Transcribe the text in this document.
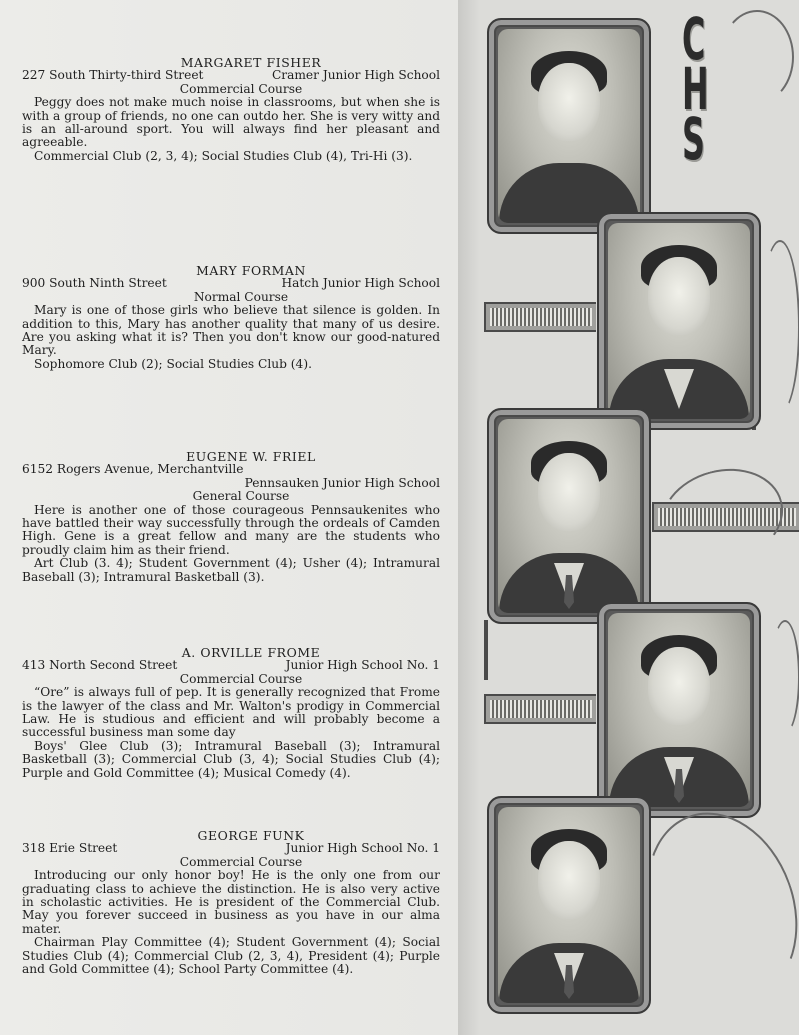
MARGARET FISHER
227 South Thirty-third Street	Cramer Junior High School
Commercial Course
Peggy does not make much noise in classrooms, but when she is with a group of friends, no one can outdo her. She is very witty and is an all-around sport. You will always find her pleasant and agreeable.
Commercial Club (2, 3, 4); Social Studies Club (4), Tri-Hi (3).
MARY FORMAN
900 South Ninth Street	Hatch Junior High School
Normal Course
Mary is one of those girls who believe that silence is golden. In addition to this, Mary has another quality that many of us desire. Are you asking what it is? Then you don't know our good-natured Mary.
Sophomore Club (2); Social Studies Club (4).
EUGENE W. FRIEL
6152 Rogers Avenue, Merchantville
Pennsauken Junior High School
General Course
Here is another one of those courageous Pennsaukenites who have battled their way successfully through the ordeals of Camden High. Gene is a great fellow and many are the students who proudly claim him as their friend.
Art Club (3. 4); Student Government (4); Usher (4); Intramural Baseball (3); Intramural Basketball (3).
A. ORVILLE FROME
413 North Second Street	Junior High School No. 1
Commercial Course
“Ore” is always full of pep. It is generally recognized that Frome is the lawyer of the class and Mr. Walton's prodigy in Commercial Law. He is studious and efficient and will probably become a successful business man some day
Boys' Glee Club (3); Intramural Baseball (3); Intramural Basketball (3); Commercial Club (3, 4); Social Studies Club (4); Purple and Gold Committee (4); Musical Comedy (4).
GEORGE FUNK
318 Erie Street	Junior High School No. 1
Commercial Course
Introducing our only honor boy! He is the only one from our graduating class to achieve the distinction. He is also very active in scholastic activities. He is president of the Commercial Club. May you forever succeed in business as you have in our alma mater.
Chairman Play Committee (4); Student Government (4); Social Studies Club (4); Commercial Club (2, 3, 4), President (4); Purple and Gold Committee (4); School Party Committee (4).
C
H
S
